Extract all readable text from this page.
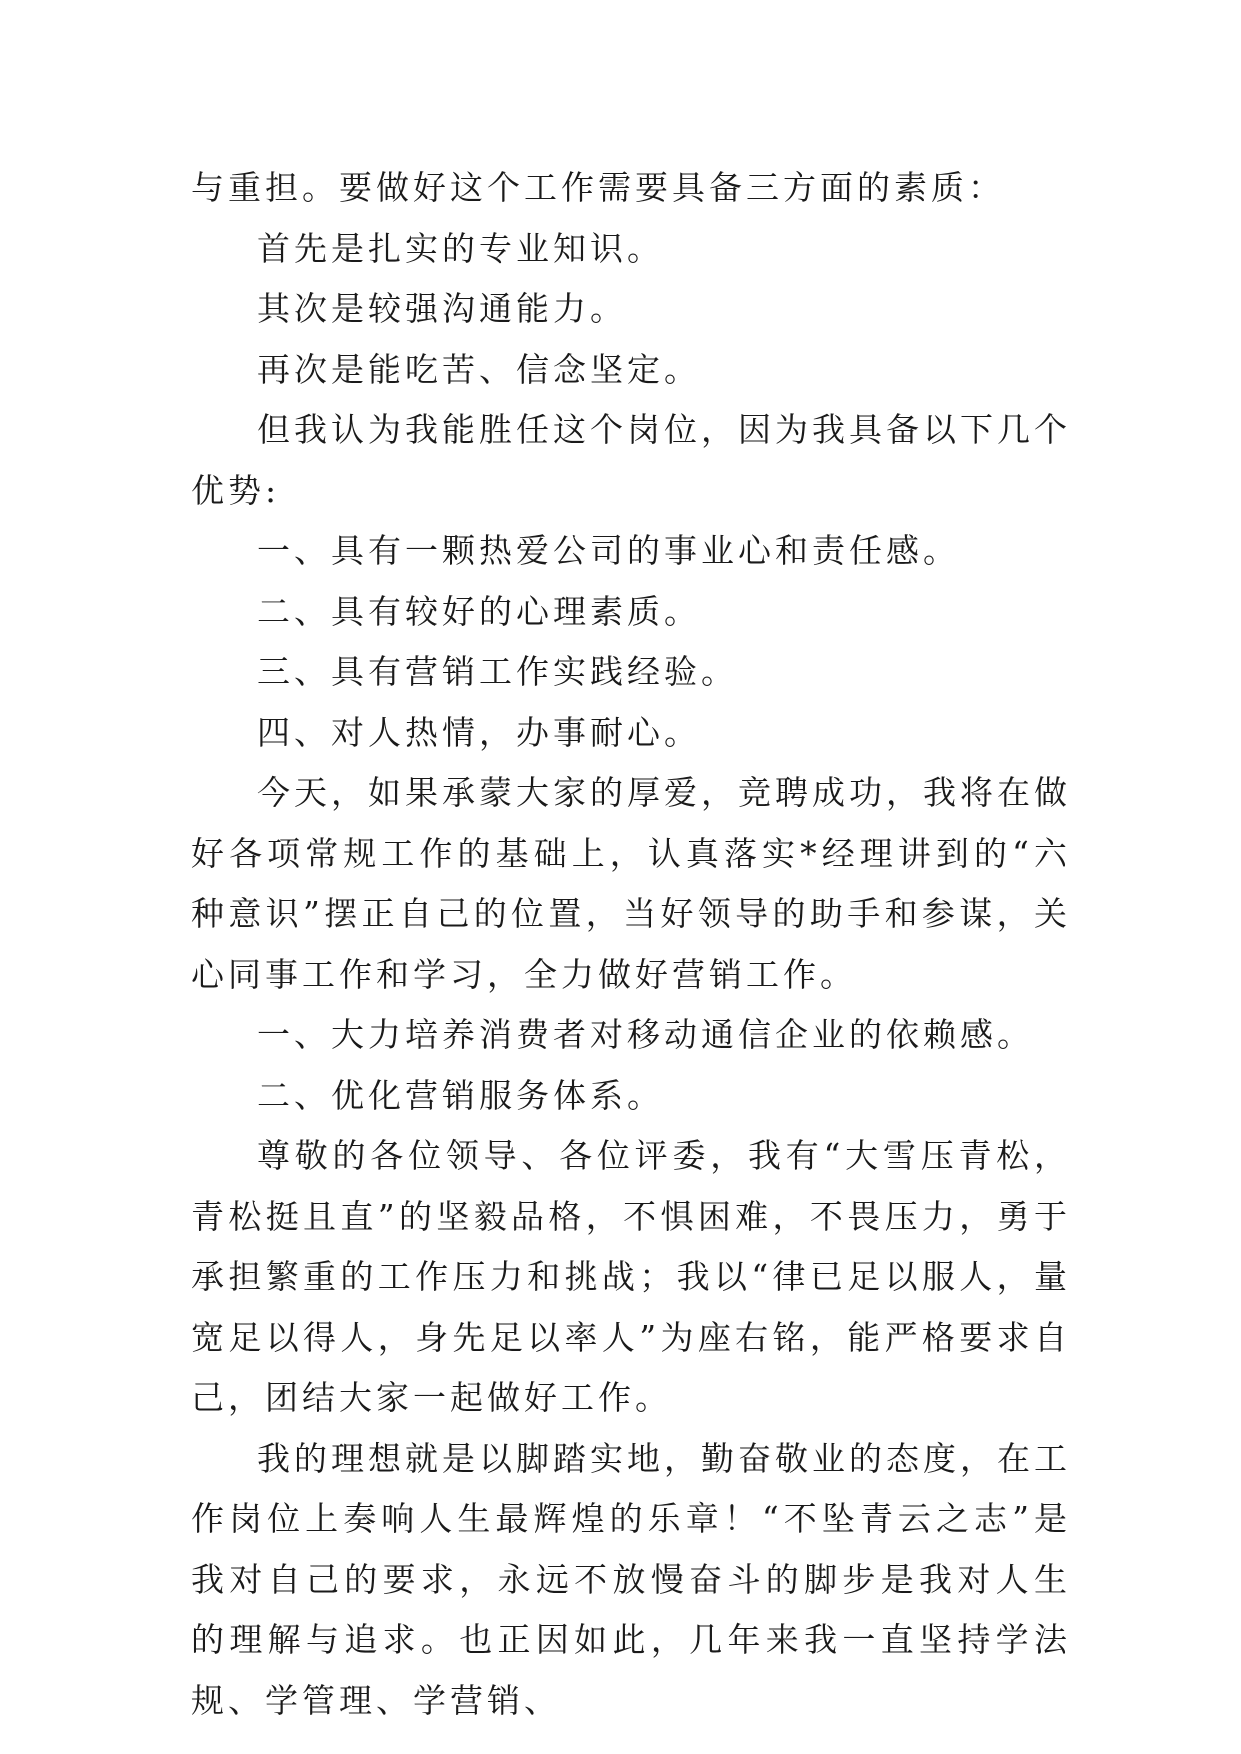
与重担。要做好这个工作需要具备三方面的素质：

首先是扎实的专业知识。

其次是较强沟通能力。

再次是能吃苦、信念坚定。

但我认为我能胜任这个岗位，因为我具备以下几个优势:

一、具有一颗热爱公司的事业心和责任感。

二、具有较好的心理素质。

三、具有营销工作实践经验。

四、对人热情，办事耐心。

今天，如果承蒙大家的厚爱，竞聘成功，我将在做好各项常规工作的基础上，认真落实*经理讲到的“六种意识”摆正自己的位置，当好领导的助手和参谋，关心同事工作和学习，全力做好营销工作。

一、大力培养消费者对移动通信企业的依赖感。

二、优化营销服务体系。

尊敬的各位领导、各位评委，我有“大雪压青松，青松挺且直”的坚毅品格，不惧困难，不畏压力，勇于承担繁重的工作压力和挑战；我以“律已足以服人，量宽足以得人，身先足以率人”为座右铭，能严格要求自己，团结大家一起做好工作。

我的理想就是以脚踏实地，勤奋敬业的态度，在工作岗位上奏响人生最辉煌的乐章！“不坠青云之志”是我对自己的要求，永远不放慢奋斗的脚步是我对人生的理解与追求。也正因如此，几年来我一直坚持学法规、学管理、学营销、
